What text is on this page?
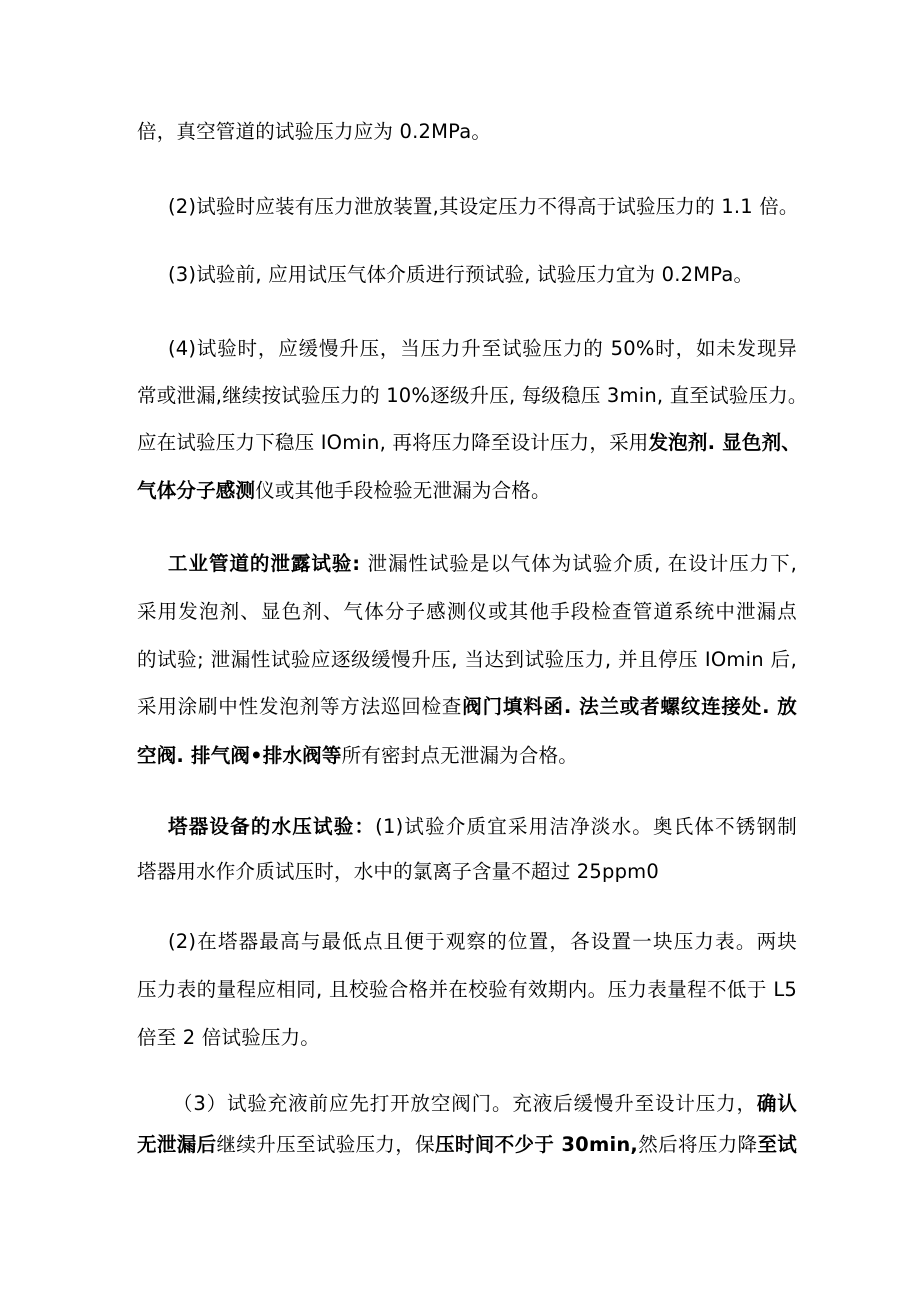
倍，真空管道的试验压力应为 0.2MPa。
(2)试验时应装有压力泄放装置,其设定压力不得高于试验压力的 1.1 倍。
(3)试验前, 应用试压气体介质进行预试验, 试验压力宜为 0.2MPa。
(4)试验时，应缓慢升压，当压力升至试验压力的 50%时，如未发现异
常或泄漏,继续按试验压力的 10%逐级升压, 每级稳压 3min, 直至试验压力。
应在试验压力下稳压 IOmin, 再将压力降至设计压力，采用发泡剂. 显色剂、
气体分子感测仪或其他手段检验无泄漏为合格。
工业管道的泄露试验: 泄漏性试验是以气体为试验介质, 在设计压力下,
采用发泡剂、显色剂、气体分子感测仪或其他手段检查管道系统中泄漏点
的试验; 泄漏性试验应逐级缓慢升压, 当达到试验压力, 并且停压 IOmin 后,
采用涂刷中性发泡剂等方法巡回检查阀门填料函. 法兰或者螺纹连接处. 放
空阀. 排气阀•排水阀等所有密封点无泄漏为合格。
塔器设备的水压试验：(1)试验介质宜采用洁净淡水。奥氏体不锈钢制
塔器用水作介质试压时，水中的氯离子含量不超过 25ppm0
(2)在塔器最高与最低点且便于观察的位置，各设置一块压力表。两块
压力表的量程应相同, 且校验合格并在校验有效期内。压力表量程不低于 L5
倍至 2 倍试验压力。
（3）试验充液前应先打开放空阀门。充液后缓慢升至设计压力，确认
无泄漏后继续升压至试验压力，保压时间不少于 30min,然后将压力降至试
